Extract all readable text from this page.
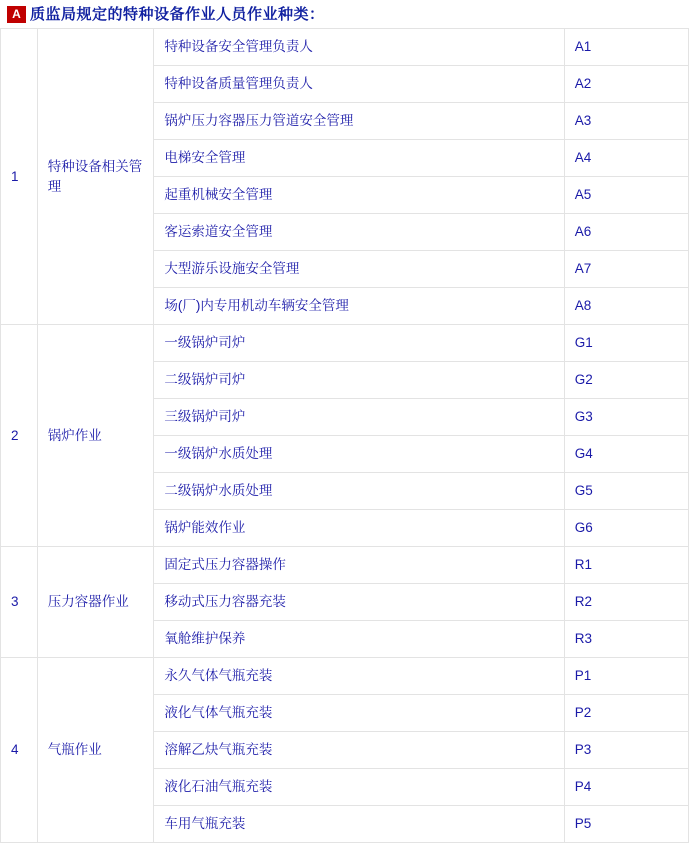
A 质监局规定的特种设备作业人员作业种类：
1	特种设备相关管理	特种设备安全管理负责人	A1
		特种设备质量管理负责人	A2
		锅炉压力容器压力管道安全管理	A3
		电梯安全管理	A4
		起重机械安全管理	A5
		客运索道安全管理	A6
		大型游乐设施安全管理	A7
		场(厂)内专用机动车辆安全管理	A8
2	锅炉作业	一级锅炉司炉	G1
		二级锅炉司炉	G2
		三级锅炉司炉	G3
		一级锅炉水质处理	G4
		二级锅炉水质处理	G5
		锅炉能效作业	G6
3	压力容器作业	固定式压力容器操作	R1
		移动式压力容器充装	R2
		氧舱维护保养	R3
4	气瓶作业	永久气体气瓶充装	P1
		液化气体气瓶充装	P2
		溶解乙炔气瓶充装	P3
		液化石油气瓶充装	P4
		车用气瓶充装	P5
